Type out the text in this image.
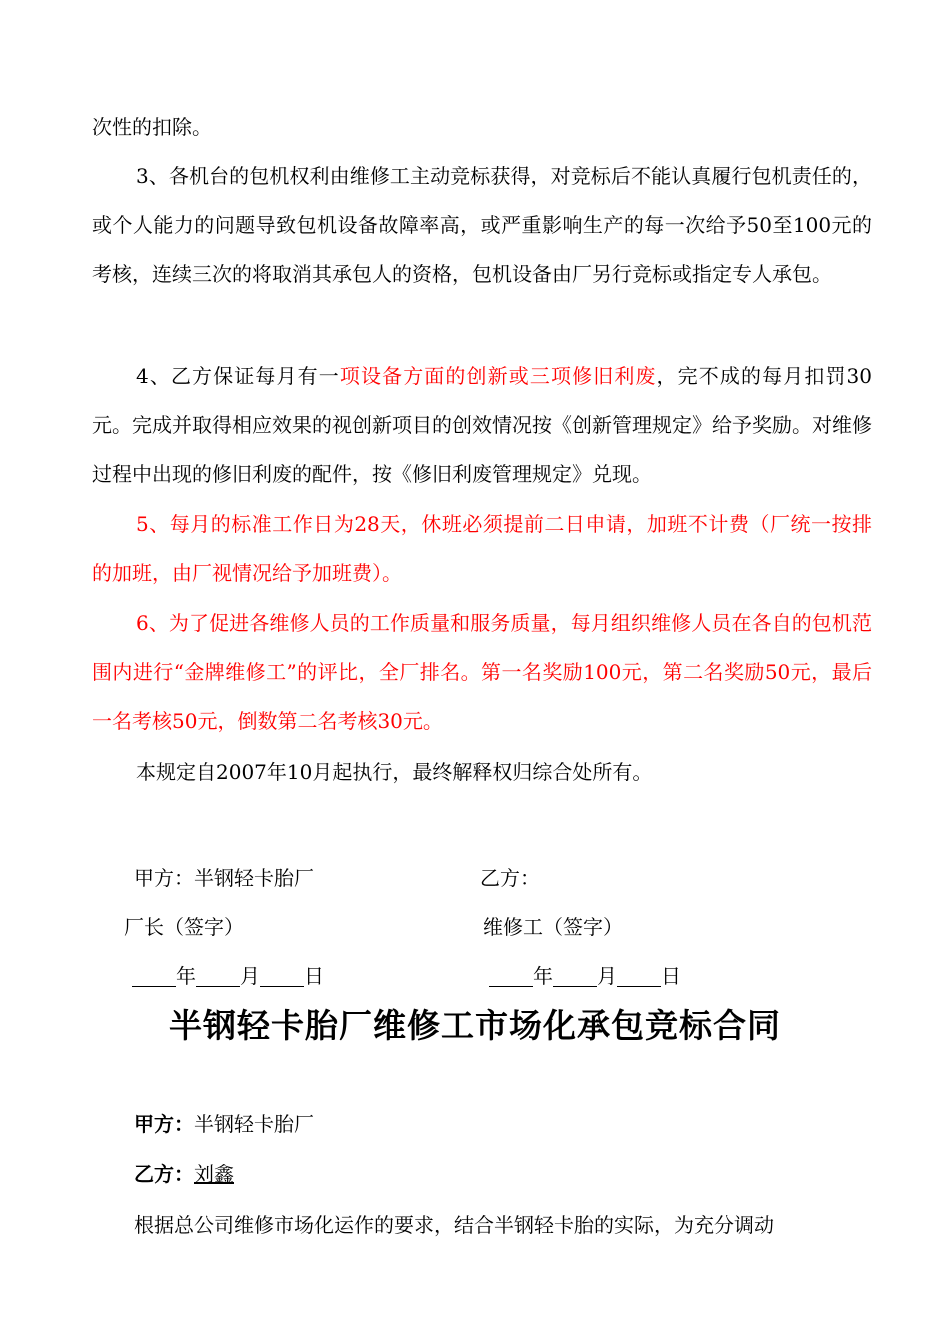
次性的扣除。

3、各机台的包机权利由维修工主动竞标获得，对竞标后不能认真履行包机责任的，或个人能力的问题导致包机设备故障率高，或严重影响生产的每一次给予50至100元的考核，连续三次的将取消其承包人的资格，包机设备由厂另行竞标或指定专人承包。

4、乙方保证每月有一项设备方面的创新或三项修旧利废，完不成的每月扣罚30元。完成并取得相应效果的视创新项目的创效情况按《创新管理规定》给予奖励。对维修过程中出现的修旧利废的配件，按《修旧利废管理规定》兑现。

5、每月的标准工作日为28天，休班必须提前二日申请，加班不计费（厂统一按排的加班，由厂视情况给予加班费）。

6、为了促进各维修人员的工作质量和服务质量，每月组织维修人员在各自的包机范围内进行“金牌维修工”的评比，全厂排名。第一名奖励100元，第二名奖励50元，最后一名考核50元，倒数第二名考核30元。

本规定自2007年10月起执行，最终解释权归综合处所有。

甲方：半钢轻卡胎厂	乙方：
厂长（签字）	维修工（签字）
年 月 日	年 月 日
半钢轻卡胎厂维修工市场化承包竞标合同
甲方：半钢轻卡胎厂
乙方：刘鑫
根据总公司维修市场化运作的要求，结合半钢轻卡胎的实际，为充分调动
